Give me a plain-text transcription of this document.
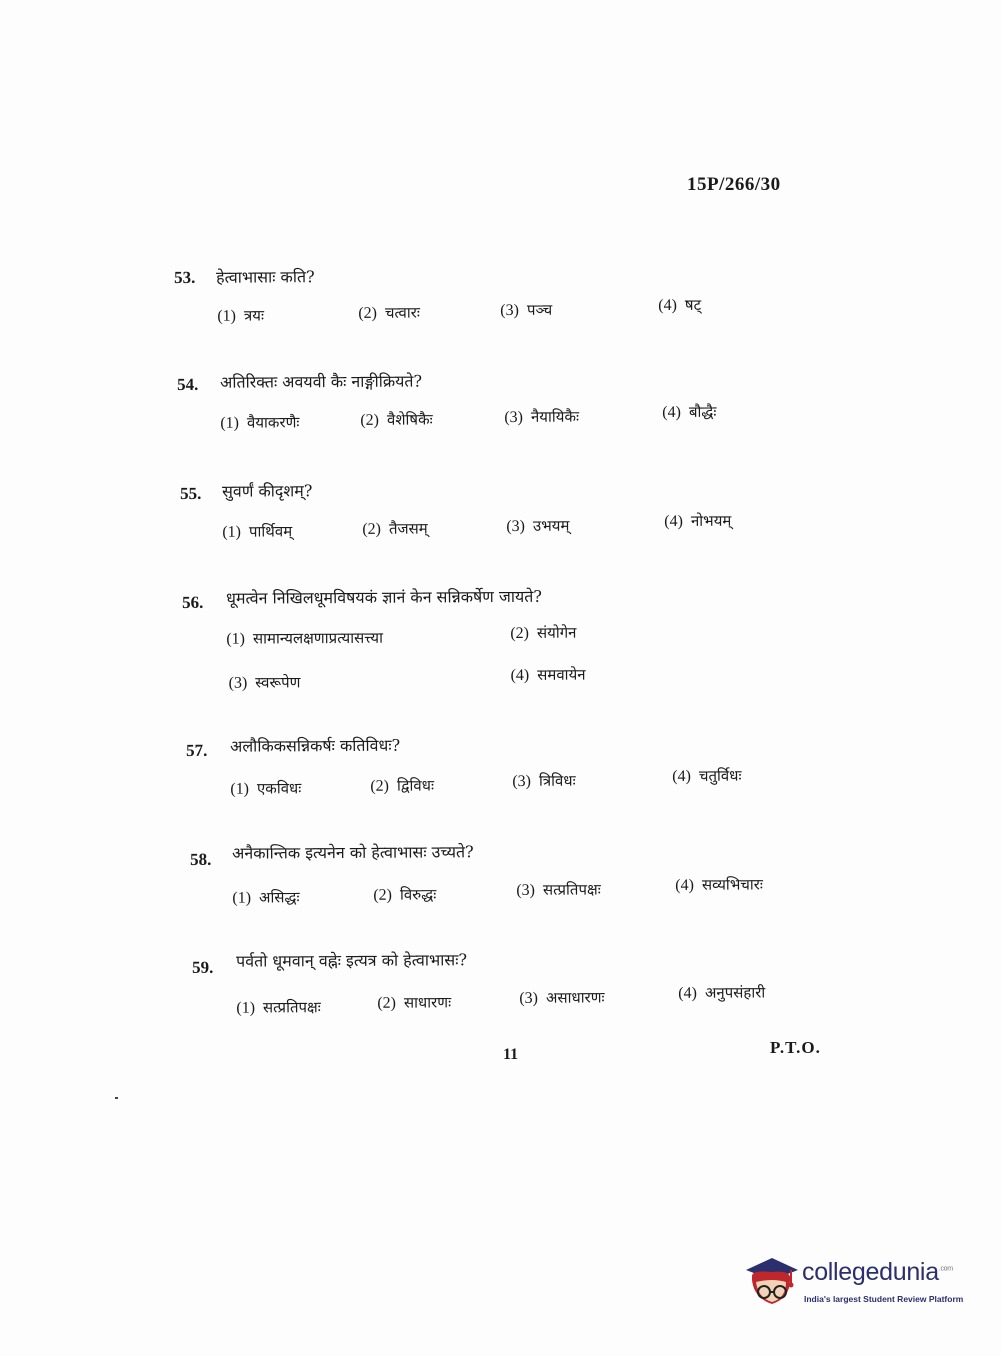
15P/266/30
53. हेत्वाभासाः कति?
(1) त्रयः	(2) चत्वारः	(3) पञ्च	(4) षट्
54. अतिरिक्तः अवयवी कैः नाङ्गीक्रियते?
(1) वैयाकरणैः	(2) वैशेषिकैः	(3) नैयायिकैः	(4) बौद्धैः
55. सुवर्णं कीदृशम्?
(1) पार्थिवम्	(2) तैजसम्	(3) उभयम्	(4) नोभयम्
56. धूमत्वेन निखिलधूमविषयकं ज्ञानं केन सन्निकर्षेण जायते?
(1) सामान्यलक्षणाप्रत्यासत्त्या	(2) संयोगेन
(3) स्वरूपेण	(4) समवायेन
57. अलौकिकसन्निकर्षः कतिविधः?
(1) एकविधः	(2) द्विविधः	(3) त्रिविधः	(4) चतुर्विधः
58. अनैकान्तिक इत्यनेन को हेत्वाभासः उच्यते?
(1) असिद्धः	(2) विरुद्धः	(3) सत्प्रतिपक्षः	(4) सव्यभिचारः
59. पर्वतो धूमवान् वह्नेः इत्यत्र को हेत्वाभासः?
(1) सत्प्रतिपक्षः	(2) साधारणः	(3) असाधारणः	(4) अनुपसंहारी
11	P.T.O.
collegedunia$^{.com}$
India's largest Student Review Platform
